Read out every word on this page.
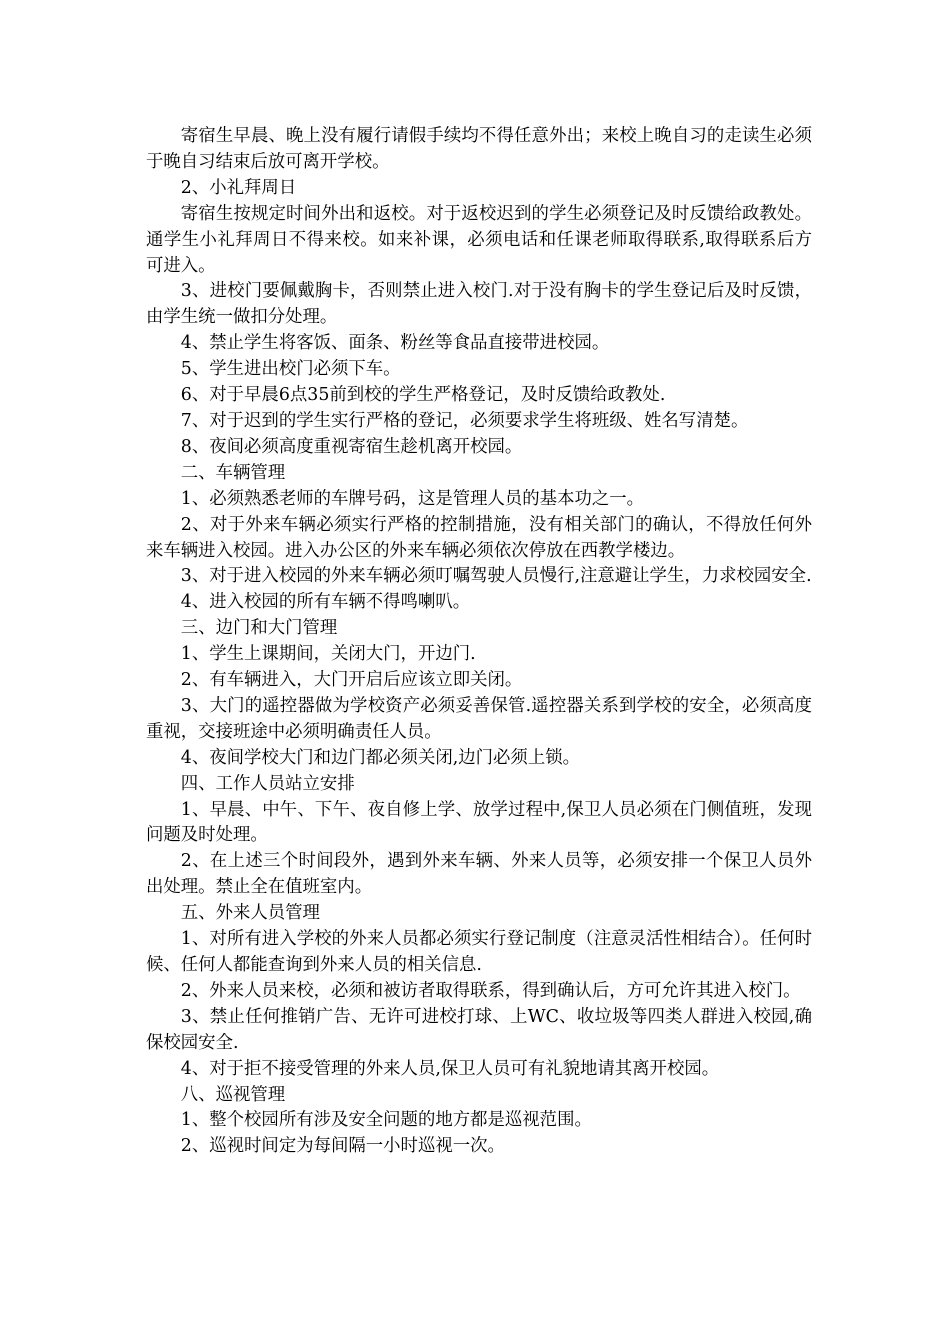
寄宿生早晨、晚上没有履行请假手续均不得任意外出；来校上晚自习的走读生必须于晚自习结束后放可离开学校。

2、小礼拜周日

寄宿生按规定时间外出和返校。对于返校迟到的学生必须登记及时反馈给政教处。通学生小礼拜周日不得来校。如来补课，必须电话和任课老师取得联系,取得联系后方可进入。

3、进校门要佩戴胸卡，否则禁止进入校门.对于没有胸卡的学生登记后及时反馈，由学生统一做扣分处理。

4、禁止学生将客饭、面条、粉丝等食品直接带进校园。

5、学生进出校门必须下车。

6、对于早晨6点35前到校的学生严格登记，及时反馈给政教处.

7、对于迟到的学生实行严格的登记，必须要求学生将班级、姓名写清楚。

8、夜间必须高度重视寄宿生趁机离开校园。

二、车辆管理

1、必须熟悉老师的车牌号码，这是管理人员的基本功之一。

2、对于外来车辆必须实行严格的控制措施，没有相关部门的确认，不得放任何外来车辆进入校园。进入办公区的外来车辆必须依次停放在西教学楼边。

3、对于进入校园的外来车辆必须叮嘱驾驶人员慢行,注意避让学生，力求校园安全.

4、进入校园的所有车辆不得鸣喇叭。

三、边门和大门管理

1、学生上课期间，关闭大门，开边门.

2、有车辆进入，大门开启后应该立即关闭。

3、大门的遥控器做为学校资产必须妥善保管.遥控器关系到学校的安全，必须高度重视，交接班途中必须明确责任人员。

4、夜间学校大门和边门都必须关闭,边门必须上锁。

四、工作人员站立安排

1、早晨、中午、下午、夜自修上学、放学过程中,保卫人员必须在门侧值班，发现问题及时处理。

2、在上述三个时间段外，遇到外来车辆、外来人员等，必须安排一个保卫人员外出处理。禁止全在值班室内。

五、外来人员管理

1、对所有进入学校的外来人员都必须实行登记制度（注意灵活性相结合）。任何时候、任何人都能查询到外来人员的相关信息.

2、外来人员来校，必须和被访者取得联系，得到确认后，方可允许其进入校门。

3、禁止任何推销广告、无许可进校打球、上WC、收垃圾等四类人群进入校园,确保校园安全.

4、对于拒不接受管理的外来人员,保卫人员可有礼貌地请其离开校园。

八、巡视管理

1、整个校园所有涉及安全问题的地方都是巡视范围。

2、巡视时间定为每间隔一小时巡视一次。
